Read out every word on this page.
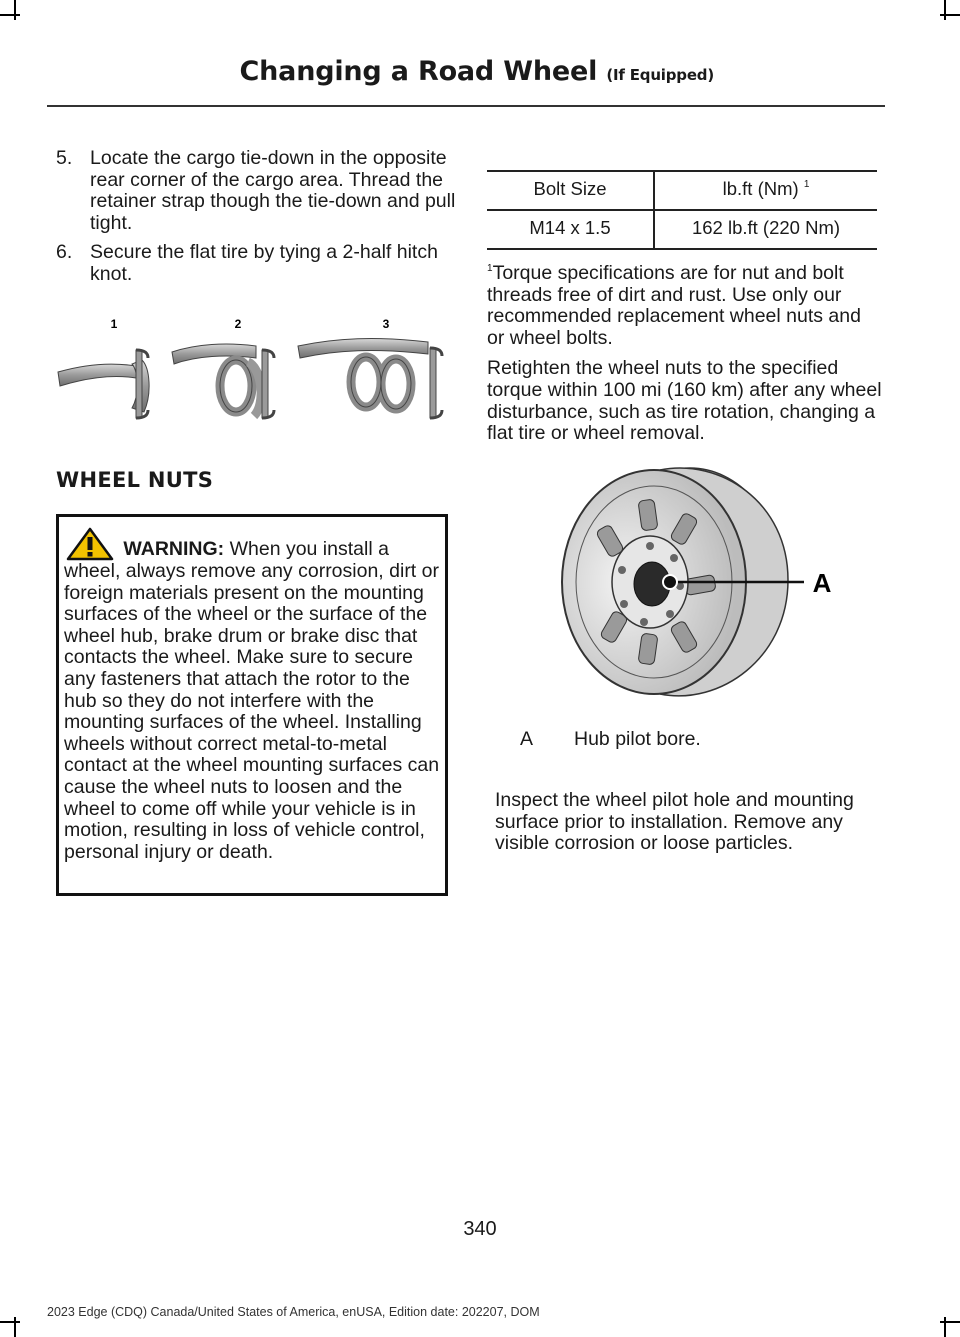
Changing a Road Wheel (If Equipped)
5. Locate the cargo tie-down in the opposite rear corner of the cargo area. Thread the retainer strap though the tie-down and pull tight.
6. Secure the flat tire by tying a 2-half hitch knot.
1	2	3
WHEEL NUTS
WARNING: When you install a wheel, always remove any corrosion, dirt or foreign materials present on the mounting surfaces of the wheel or the surface of the wheel hub, brake drum or brake disc that contacts the wheel. Make sure to secure any fasteners that attach the rotor to the hub so they do not interfere with the mounting surfaces of the wheel. Installing wheels without correct metal-to-metal contact at the wheel mounting surfaces can cause the wheel nuts to loosen and the wheel to come off while your vehicle is in motion, resulting in loss of vehicle control, personal injury or death.
Bolt Size	lb.ft (Nm) $^1$
M14 x 1.5	162 lb.ft (220 Nm)

$^1$Torque specifications are for nut and bolt threads free of dirt and rust. Use only our recommended replacement wheel nuts and or wheel bolts.

Retighten the wheel nuts to the specified torque within 100 mi (160 km) after any wheel disturbance, such as tire rotation, changing a flat tire or wheel removal.

A
A Hub pilot bore.
Inspect the wheel pilot hole and mounting surface prior to installation. Remove any visible corrosion or loose particles.
340
2023 Edge (CDQ) Canada/United States of America, enUSA, Edition date: 202207, DOM
